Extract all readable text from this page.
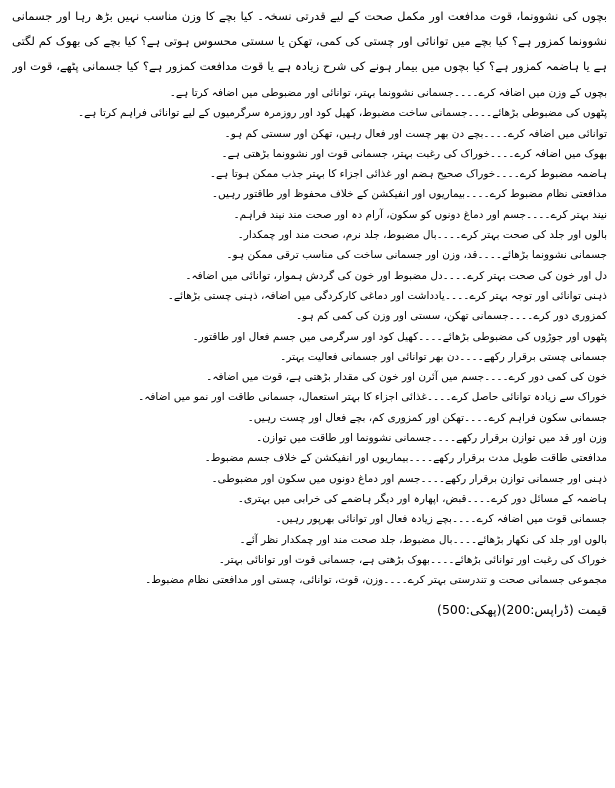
بچوں کی نشوونما، قوت مدافعت اور مکمل صحت کے لیے قدرتی نسخہ۔ کیا بچے کا وزن مناسب نہیں بڑھ رہا اور جسمانی نشوونما کمزور ہے؟ کیا بچے میں توانائی اور چستی کی کمی، تھکن یا سستی محسوس ہوتی ہے؟ کیا بچے کی بھوک کم لگتی ہے یا ہاضمہ کمزور ہے؟ کیا بچوں میں بیمار ہونے کی شرح زیادہ ہے یا قوت مدافعت کمزور ہے؟ کیا جسمانی پٹھے، قوت اور

بچوں کے وزن میں اضافہ کرے۔۔۔۔جسمانی نشوونما بہتر، توانائی اور مضبوطی میں اضافہ کرتا ہے۔
پٹھوں کی مضبوطی بڑھائے۔۔۔۔جسمانی ساخت مضبوط، کھیل کود اور روزمرہ سرگرمیوں کے لیے توانائی فراہم کرتا ہے۔
توانائی میں اضافہ کرے۔۔۔۔بچے دن بھر چست اور فعال رہیں، تھکن اور سستی کم ہو۔
بھوک میں اضافہ کرے۔۔۔۔خوراک کی رغبت بہتر، جسمانی قوت اور نشوونما بڑھتی ہے۔
ہاضمہ مضبوط کرے۔۔۔۔خوراک صحیح ہضم اور غذائی اجزاء کا بہتر جذب ممکن ہوتا ہے۔
مدافعتی نظام مضبوط کرے۔۔۔۔بیماریوں اور انفیکشن کے خلاف محفوظ اور طاقتور رہیں۔
نیند بہتر کرے۔۔۔۔جسم اور دماغ دونوں کو سکون، آرام دہ اور صحت مند نیند فراہم۔
بالوں اور جلد کی صحت بہتر کرے۔۔۔۔بال مضبوط، جلد نرم، صحت مند اور چمکدار۔
جسمانی نشوونما بڑھائے۔۔۔۔قد، وزن اور جسمانی ساخت کی مناسب ترقی ممکن ہو۔
دل اور خون کی صحت بہتر کرے۔۔۔۔دل مضبوط اور خون کی گردش ہموار، توانائی میں اضافہ۔
ذہنی توانائی اور توجہ بہتر کرے۔۔۔۔یادداشت اور دماغی کارکردگی میں اضافہ، ذہنی چستی بڑھائے۔
کمزوری دور کرے۔۔۔۔جسمانی تھکن، سستی اور وزن کی کمی کم ہو۔
پٹھوں اور جوڑوں کی مضبوطی بڑھائے۔۔۔۔کھیل کود اور سرگرمی میں جسم فعال اور طاقتور۔
جسمانی چستی برقرار رکھے۔۔۔۔دن بھر توانائی اور جسمانی فعالیت بہتر۔
خون کی کمی دور کرے۔۔۔۔جسم میں آئرن اور خون کی مقدار بڑھتی ہے، قوت میں اضافہ۔
خوراک سے زیادہ توانائی حاصل کرے۔۔۔۔غذائی اجزاء کا بہتر استعمال، جسمانی طاقت اور نمو میں اضافہ۔
جسمانی سکون فراہم کرے۔۔۔۔تھکن اور کمزوری کم، بچے فعال اور چست رہیں۔
وزن اور قد میں توازن برقرار رکھے۔۔۔۔جسمانی نشوونما اور طاقت میں توازن۔
مدافعتی طاقت طویل مدت برقرار رکھے۔۔۔۔بیماریوں اور انفیکشن کے خلاف جسم مضبوط۔
ذہنی اور جسمانی توازن برقرار رکھے۔۔۔۔جسم اور دماغ دونوں میں سکون اور مضبوطی۔
ہاضمہ کے مسائل دور کرے۔۔۔۔قبض، اپھارہ اور دیگر ہاضمے کی خرابی میں بہتری۔
جسمانی قوت میں اضافہ کرے۔۔۔۔بچے زیادہ فعال اور توانائی بھرپور رہیں۔
بالوں اور جلد کی نکھار بڑھائے۔۔۔۔بال مضبوط، جلد صحت مند اور چمکدار نظر آئے۔
خوراک کی رغبت اور توانائی بڑھائے۔۔۔۔بھوک بڑھتی ہے، جسمانی قوت اور توانائی بہتر۔
مجموعی جسمانی صحت و تندرستی بہتر کرے۔۔۔۔وزن، قوت، توانائی، چستی اور مدافعتی نظام مضبوط۔
قیمت (ڈراپس:200)(پھکی:500)
